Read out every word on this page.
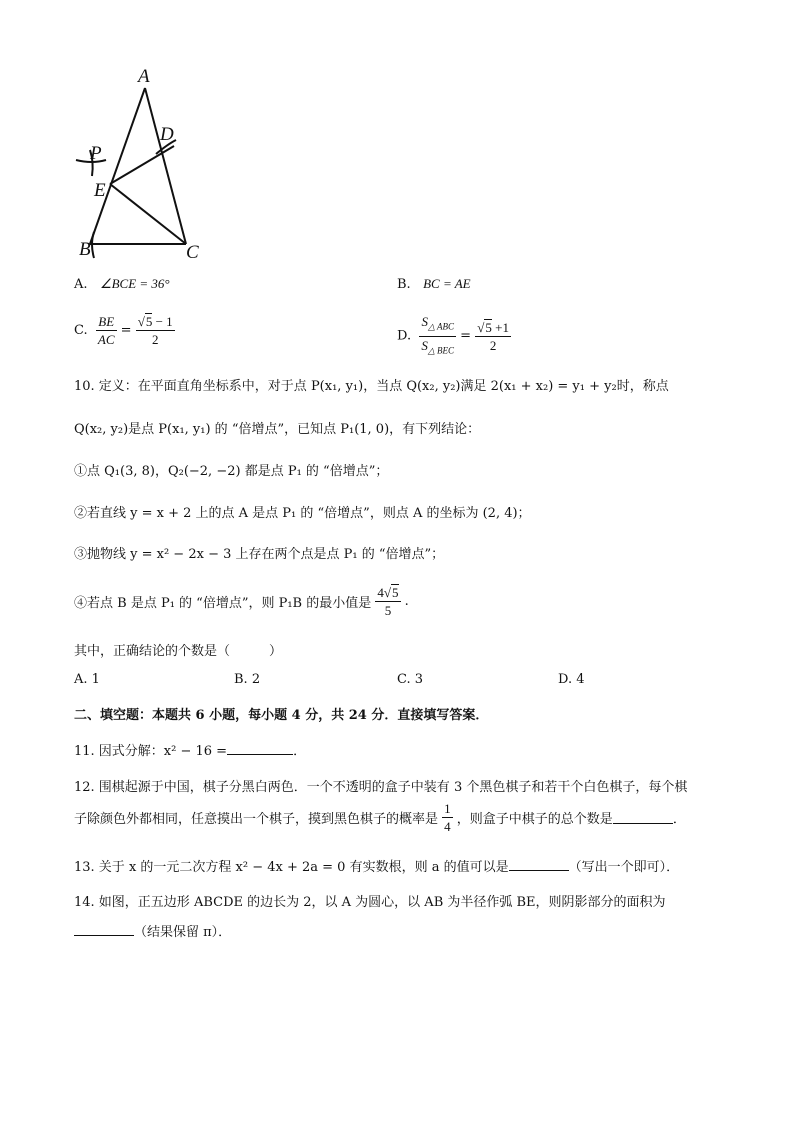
A
D
P
E
B	C
A. ∠BCE = 36°	B. BC = AE
C. $\frac{BE}{AC} = \frac{√5 - 1}{2}$	D. $\frac{S_{\triangle ABC}}{S_{\triangle BEC}} = \frac{√5 +1}{2}$
10. 定义：在平面直角坐标系中，对于点 P(x₁, y₁)，当点 Q(x₂, y₂)满足 2(x₁ + x₂) = y₁ + y₂时，称点
Q(x₂, y₂)是点 P(x₁, y₁) 的 “倍增点”，已知点 P₁(1, 0)，有下列结论：
①点 Q₁(3, 8)，Q₂(−2, −2) 都是点 P₁ 的 “倍增点”；
②若直线 y = x + 2 上的点 A 是点 P₁ 的 “倍增点”，则点 A 的坐标为 (2, 4)；
③抛物线 y = x² − 2x − 3 上存在两个点是点 P₁ 的 “倍增点”；
④若点 B 是点 P₁ 的 “倍增点”，则 P₁B 的最小值是 $\frac{4√5}{5}$ .
其中，正确结论的个数是（　　　）
A. 1	B. 2	C. 3	D. 4
二、填空题：本题共 6 小题，每小题 4 分，共 24 分．直接填写答案．
11. 因式分解：x² − 16 =	．
12. 围棋起源于中国，棋子分黑白两色．一个不透明的盒子中装有 3 个黑色棋子和若干个白色棋子，每个棋
子除颜色外都相同，任意摸出一个棋子，摸到黑色棋子的概率是 $\frac{1}{4}$ ，则盒子中棋子的总个数是	．
13. 关于 x 的一元二次方程 x² − 4x + 2a = 0 有实数根，则 a 的值可以是	（写出一个即可）．
14. 如图，正五边形 ABCDE 的边长为 2，以 A 为圆心，以 AB 为半径作弧 BE，则阴影部分的面积为
（结果保留 π）．
